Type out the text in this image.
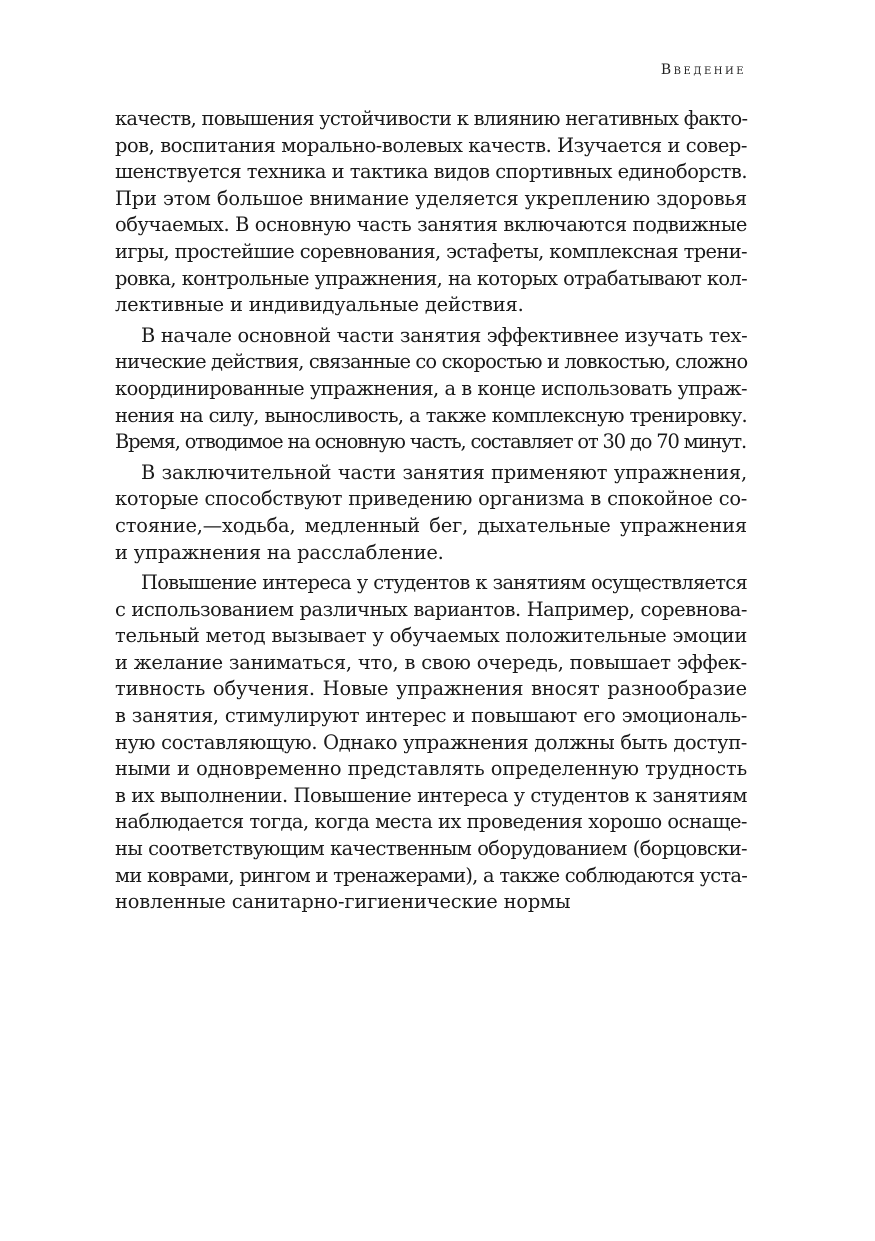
Введение
качеств, повышения устойчивости к влиянию негативных факто-
ров, воспитания морально-волевых качеств. Изучается и совер-
шенствуется техника и тактика видов спортивных единоборств.
При этом большое внимание уделяется укреплению здоровья
обучаемых. В основную часть занятия включаются подвижные
игры, простейшие соревнования, эстафеты, комплексная трени-
ровка, контрольные упражнения, на которых отрабатывают кол-
лективные и индивидуальные действия.
В начале основной части занятия эффективнее изучать тех-
нические действия, связанные со скоростью и ловкостью, сложно
координированные упражнения, а в конце использовать упраж-
нения на силу, выносливость, а также комплексную тренировку.
Время, отводимое на основную часть, составляет от 30 до 70 минут.
В заключительной части занятия применяют упражнения,
которые способствуют приведению организма в спокойное со-
стояние,—ходьба, медленный бег, дыхательные упражнения
и упражнения на расслабление.
Повышение интереса у студентов к занятиям осуществляется
с использованием различных вариантов. Например, соревнова-
тельный метод вызывает у обучаемых положительные эмоции
и желание заниматься, что, в свою очередь, повышает эффек-
тивность обучения. Новые упражнения вносят разнообразие
в занятия, стимулируют интерес и повышают его эмоциональ-
ную составляющую. Однако упражнения должны быть доступ-
ными и одновременно представлять определенную трудность
в их выполнении. Повышение интереса у студентов к занятиям
наблюдается тогда, когда места их проведения хорошо оснаще-
ны соответствующим качественным оборудованием (борцовски-
ми коврами, рингом и тренажерами), а также соблюдаются уста-
новленные санитарно-гигиенические нормы
